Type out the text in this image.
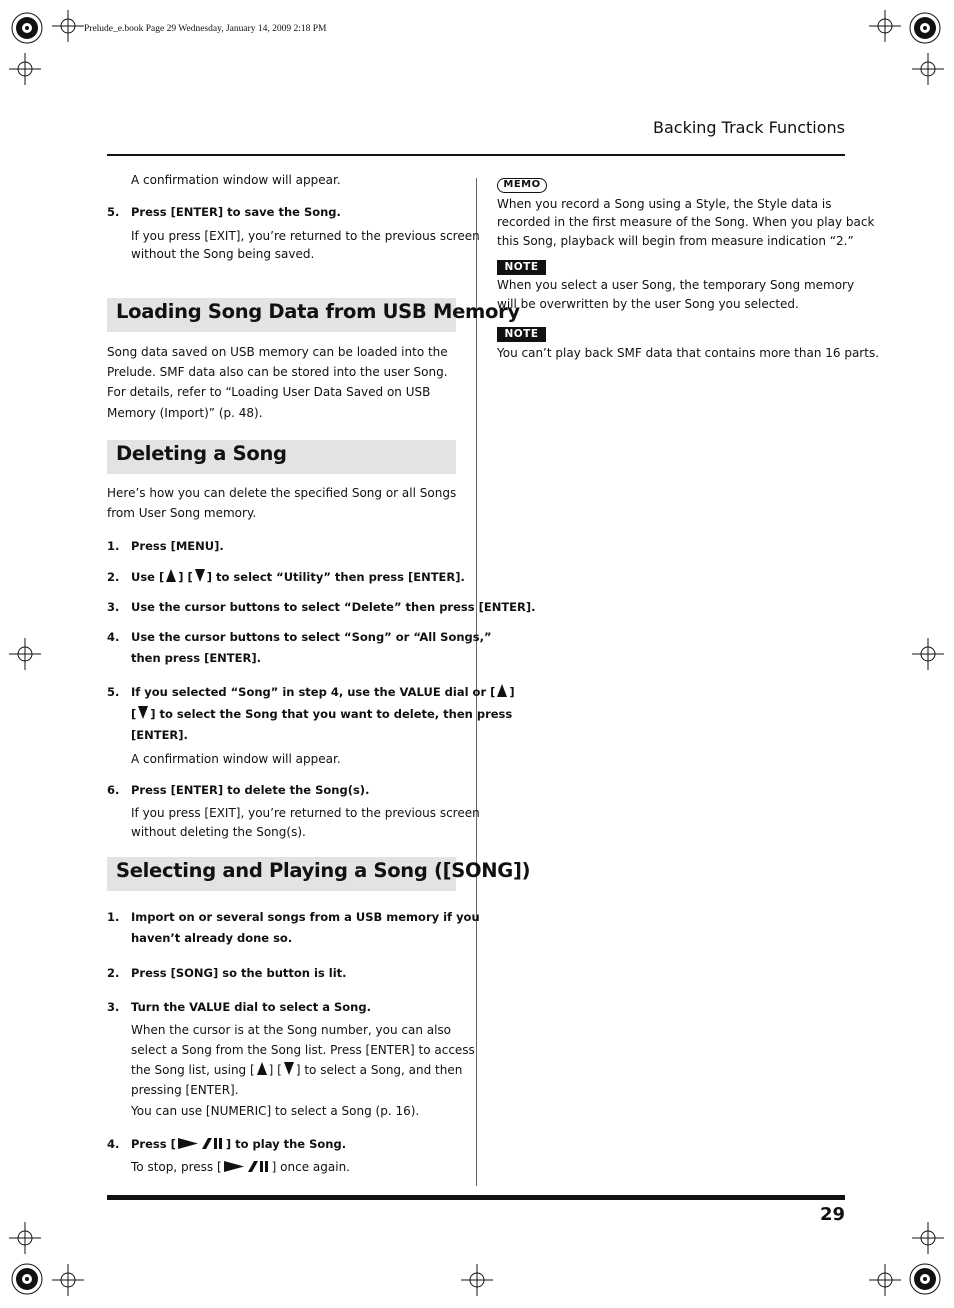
Prelude_e.book Page 29 Wednesday, January 14, 2009 2:18 PM
Backing Track Functions
A confirmation window will appear.
5. Press [ENTER] to save the Song.
If you press [EXIT], you’re returned to the previous screen
without the Song being saved.
Loading Song Data from USB Memory
Song data saved on USB memory can be loaded into the
Prelude. SMF data also can be stored into the user Song.
For details, refer to “Loading User Data Saved on USB
Memory (Import)” (p. 48).
Deleting a Song
Here’s how you can delete the specified Song or all Songs
from User Song memory.
1. Press [MENU].
2. Use [ ] [ ] to select “Utility” then press [ENTER].
3. Use the cursor buttons to select “Delete” then press [ENTER].
4. Use the cursor buttons to select “Song” or “All Songs,”
then press [ENTER].
5. If you selected “Song” in step 4, use the VALUE dial or [ ]
[ ] to select the Song that you want to delete, then press
[ENTER].
A confirmation window will appear.
6. Press [ENTER] to delete the Song(s).
If you press [EXIT], you’re returned to the previous screen
without deleting the Song(s).
Selecting and Playing a Song ([SONG])
1. Import on or several songs from a USB memory if you
haven’t already done so.
2. Press [SONG] so the button is lit.
3. Turn the VALUE dial to select a Song.
When the cursor is at the Song number, you can also
select a Song from the Song list. Press [ENTER] to access
the Song list, using [ ] [ ] to select a Song, and then
pressing [ENTER].
You can use [NUMERIC] to select a Song (p. 16).
4. Press [	] to play the Song.
To stop, press [	] once again.
MEMO
When you record a Song using a Style, the Style data is
recorded in the first measure of the Song. When you play back
this Song, playback will begin from measure indication “2.”
NOTE
When you select a user Song, the temporary Song memory
will be overwritten by the user Song you selected.
NOTE
You can’t play back SMF data that contains more than 16 parts.
29
